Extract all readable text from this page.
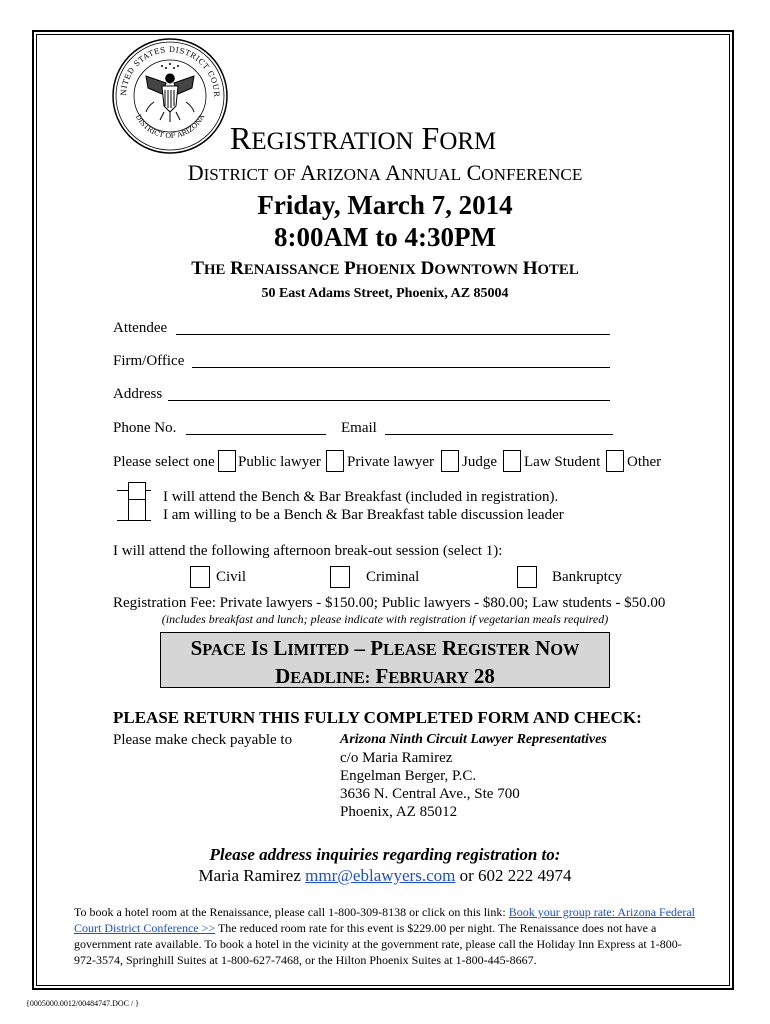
NITED STATES DISTRICT COUR
DISTRICT OF ARIZONA
REGISTRATION FORM
DISTRICT OF ARIZONA ANNUAL CONFERENCE
Friday, March 7, 2014
8:00AM to 4:30PM
THE RENAISSANCE PHOENIX DOWNTOWN HOTEL
50 East Adams Street, Phoenix, AZ 85004
Attendee
Firm/Office
Address
Phone No.	Email
Please select one Public lawyer Private lawyer Judge Law Student Other
I will attend the Bench & Bar Breakfast (included in registration).
I am willing to be a Bench & Bar Breakfast table discussion leader
I will attend the following afternoon break-out session (select 1):
Civil	Criminal	Bankruptcy
Registration Fee: Private lawyers - $150.00; Public lawyers - $80.00; Law students - $50.00
(includes breakfast and lunch; please indicate with registration if vegetarian meals required)
SPACE IS LIMITED – PLEASE REGISTER NOW
DEADLINE: FEBRUARY 28
PLEASE RETURN THIS FULLY COMPLETED FORM AND CHECK:
Please make check payable to	Arizona Ninth Circuit Lawyer Representatives
c/o Maria Ramirez
Engelman Berger, P.C.
3636 N. Central Ave., Ste 700
Phoenix, AZ 85012
Please address inquiries regarding registration to:
Maria Ramirez mmr@eblawyers.com or 602 222 4974
To book a hotel room at the Renaissance, please call 1-800-309-8138 or click on this link: Book your group rate: Arizona Federal Court District Conference >> The reduced room rate for this event is $229.00 per night. The Renaissance does not have a government rate available. To book a hotel in the vicinity at the government rate, please call the Holiday Inn Express at 1-800-972-3574, Springhill Suites at 1-800-627-7468, or the Hilton Phoenix Suites at 1-800-445-8667.
{0005000.0012/00484747.DOC / }
